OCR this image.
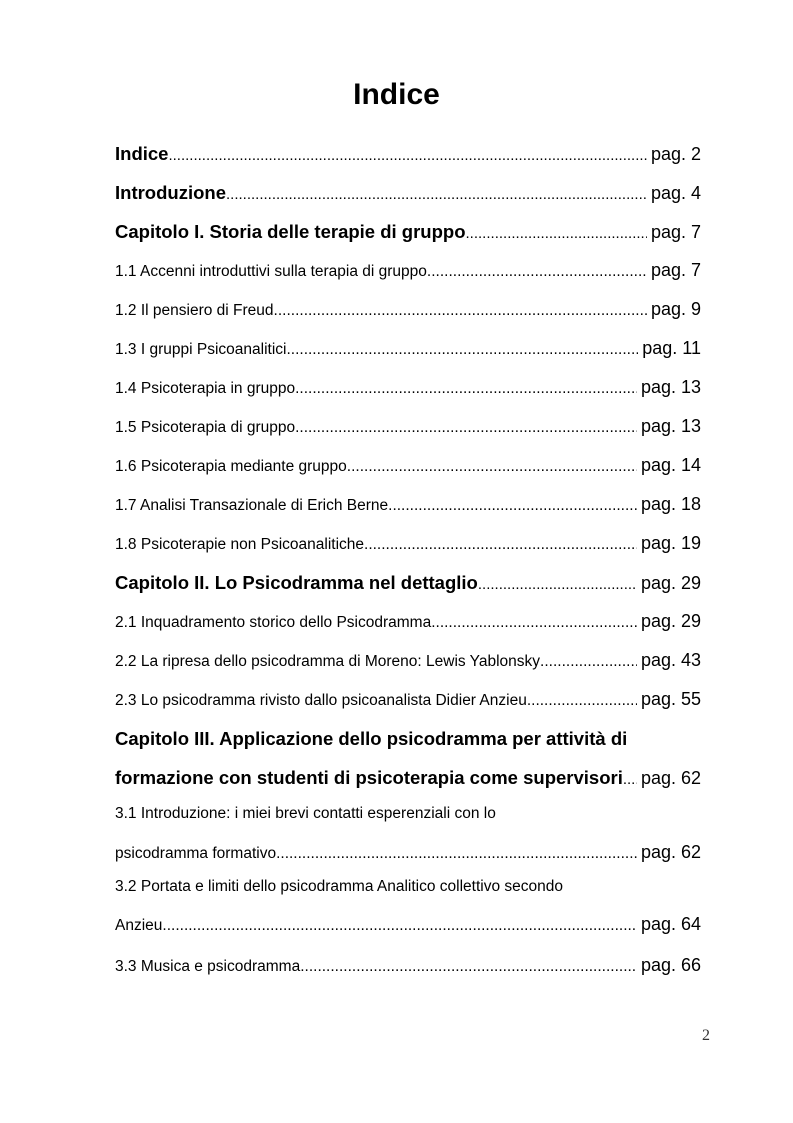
Indice
Indice .....	pag. 2
Introduzione .....	pag. 4
Capitolo I. Storia delle terapie di gruppo .....	pag. 7
1.1 Accenni introduttivi sulla terapia di gruppo. .....	pag. 7
1.2 Il pensiero di Freud .....	pag. 9
1.3 I gruppi Psicoanalitici .....	pag. 11
1.4 Psicoterapia in gruppo .....	pag. 13
1.5 Psicoterapia di gruppo .....	pag. 13
1.6 Psicoterapia mediante gruppo .....	pag. 14
1.7 Analisi Transazionale di Erich Berne .....	pag. 18
1.8 Psicoterapie non Psicoanalitiche .....	pag. 19
Capitolo II. Lo Psicodramma nel dettaglio .....	pag. 29
2.1 Inquadramento storico dello Psicodramma .....	pag. 29
2.2 La ripresa dello psicodramma di Moreno: Lewis Yablonsky .....	pag. 43
2.3 Lo psicodramma rivisto dallo psicoanalista Didier Anzieu .....	pag. 55
Capitolo III. Applicazione dello psicodramma per attività di
formazione con studenti di psicoterapia come supervisori ..... pag. 62
3.1 Introduzione: i miei brevi contatti esperenziali con lo
psicodramma formativo .....	pag. 62
3.2 Portata e limiti dello psicodramma Analitico collettivo secondo
Anzieu .....	pag. 64
3.3 Musica e psicodramma .....	pag. 66
2
